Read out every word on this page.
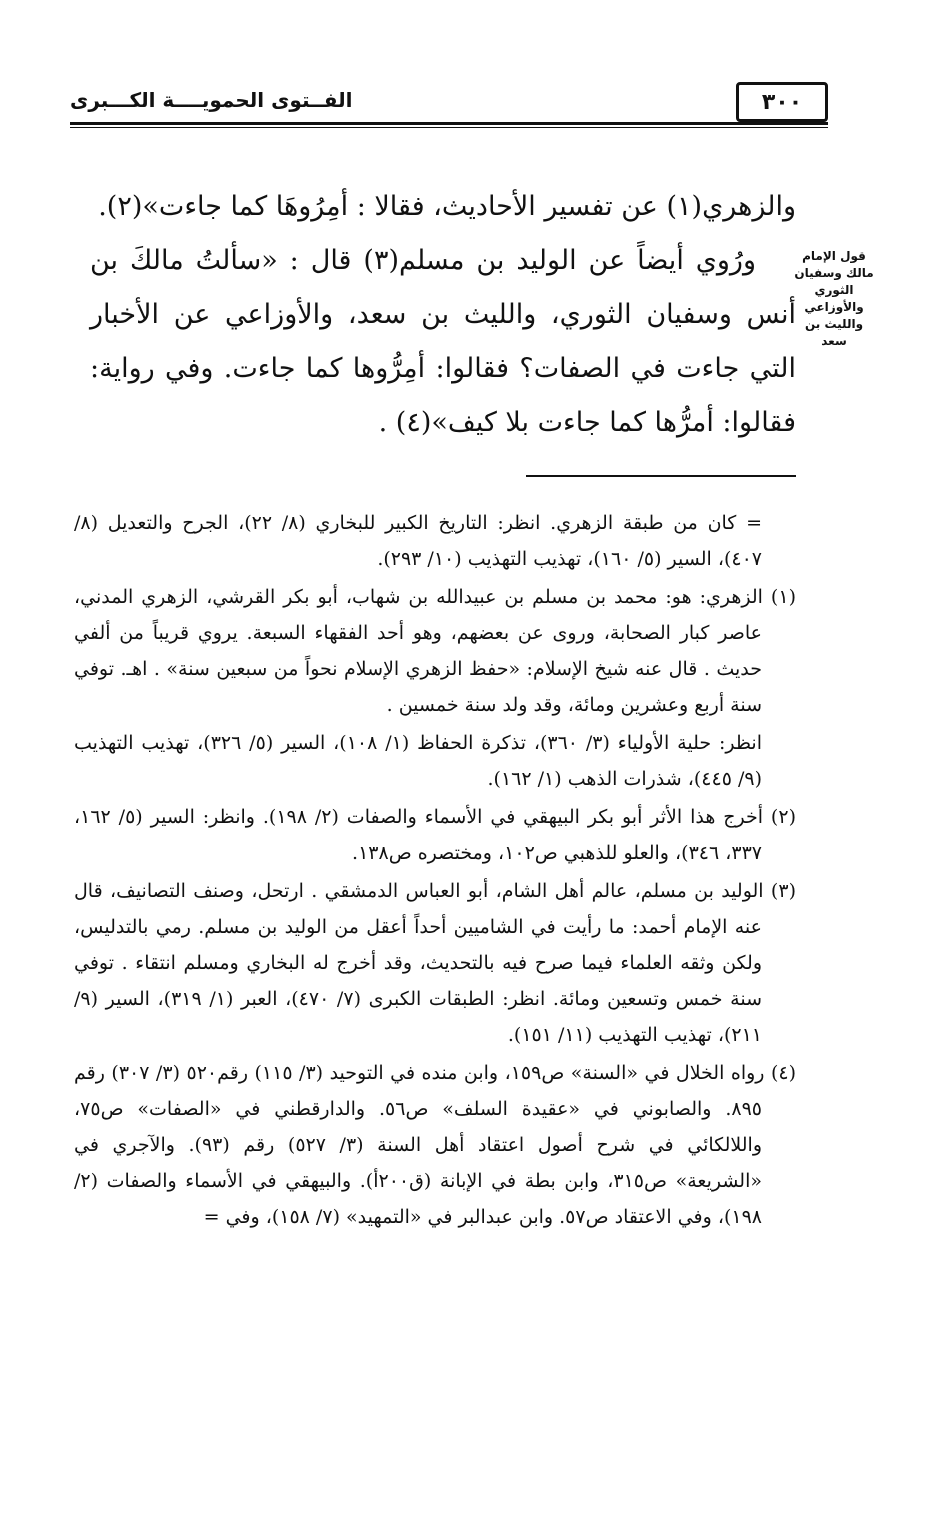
٣٠٠
الفــتوى الحمويــــة الكـــبرى
قول الإمام مالك وسفيان الثوري والأوزاعي والليث بن سعد

والزهري(١) عن تفسير الأحاديث، فقالا : أمِرُوهَا كما جاءت»(٢).

ورُوي أيضاً عن الوليد بن مسلم(٣) قال : «سألتُ مالكَ بن أنس وسفيان الثوري، والليث بن سعد، والأوزاعي عن الأخبار التي جاءت في الصفات؟ فقالوا: أمِرُّوها كما جاءت. وفي رواية: فقالوا: أمرُّها كما جاءت بلا كيف»(٤) .

= كان من طبقة الزهري. انظر: التاريخ الكبير للبخاري (٨/ ٢٢)، الجرح والتعديل (٨/ ٤٠٧)، السير (٥/ ١٦٠)، تهذيب التهذيب (١٠/ ٢٩٣).

(١) الزهري: هو: محمد بن مسلم بن عبيدالله بن شهاب، أبو بكر القرشي، الزهري المدني، عاصر كبار الصحابة، وروى عن بعضهم، وهو أحد الفقهاء السبعة. يروي قريباً من ألفي حديث . قال عنه شيخ الإسلام: «حفظ الزهري الإسلام نحواً من سبعين سنة» . اهـ. توفي سنة أربع وعشرين ومائة، وقد ولد سنة خمسين .

انظر: حلية الأولياء (٣/ ٣٦٠)، تذكرة الحفاظ (١/ ١٠٨)، السير (٥/ ٣٢٦)، تهذيب التهذيب (٩/ ٤٤٥)، شذرات الذهب (١/ ١٦٢).

(٢) أخرج هذا الأثر أبو بكر البيهقي في الأسماء والصفات (٢/ ١٩٨). وانظر: السير (٥/ ١٦٢، ٣٣٧، ٣٤٦)، والعلو للذهبي ص١٠٢، ومختصره ص١٣٨.

(٣) الوليد بن مسلم، عالم أهل الشام، أبو العباس الدمشقي . ارتحل، وصنف التصانيف، قال عنه الإمام أحمد: ما رأيت في الشاميين أحداً أعقل من الوليد بن مسلم. رمي بالتدليس، ولكن وثقه العلماء فيما صرح فيه بالتحديث، وقد أخرج له البخاري ومسلم انتقاء . توفي سنة خمس وتسعين ومائة. انظر: الطبقات الكبرى (٧/ ٤٧٠)، العبر (١/ ٣١٩)، السير (٩/ ٢١١)، تهذيب التهذيب (١١/ ١٥١).

(٤) رواه الخلال في «السنة» ص١٥٩، وابن منده في التوحيد (٣/ ١١٥) رقم٥٢٠ (٣/ ٣٠٧) رقم ٨٩٥. والصابوني في «عقيدة السلف» ص٥٦. والدارقطني في «الصفات» ص٧٥، واللالكائي في شرح أصول اعتقاد أهل السنة (٣/ ٥٢٧) رقم (٩٣). والآجري في «الشريعة» ص٣١٥، وابن بطة في الإبانة (ق٢٠٠أ). والبيهقي في الأسماء والصفات (٢/ ١٩٨)، وفي الاعتقاد ص٥٧. وابن عبدالبر في «التمهيد» (٧/ ١٥٨)، وفي =
